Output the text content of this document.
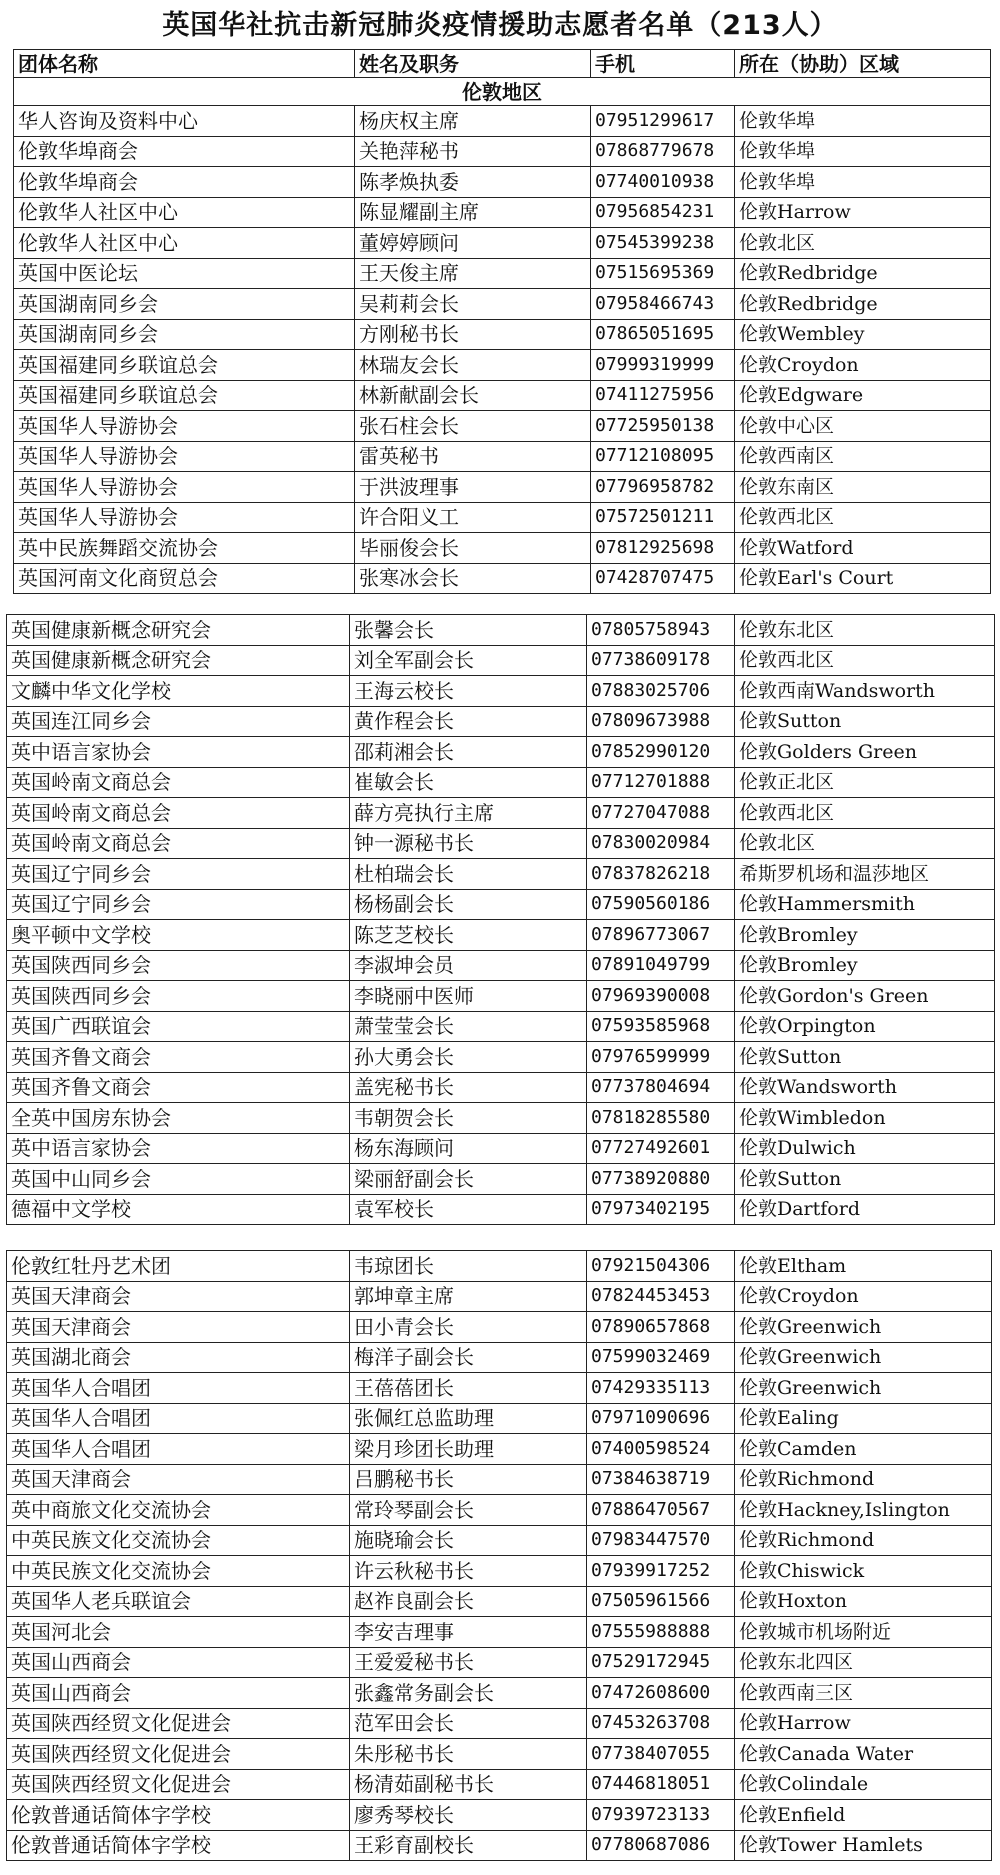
英国华社抗击新冠肺炎疫情援助志愿者名单（213人）
团体名称	姓名及职务	手机	所在（协助）区域
伦敦地区			
华人咨询及资料中心	杨庆权主席	07951299617	伦敦华埠
伦敦华埠商会	关艳萍秘书	07868779678	伦敦华埠
伦敦华埠商会	陈孝焕执委	07740010938	伦敦华埠
伦敦华人社区中心	陈显耀副主席	07956854231	伦敦Harrow
伦敦华人社区中心	董婷婷顾问	07545399238	伦敦北区
英国中医论坛	王天俊主席	07515695369	伦敦Redbridge
英国湖南同乡会	吴莉莉会长	07958466743	伦敦Redbridge
英国湖南同乡会	方刚秘书长	07865051695	伦敦Wembley
英国福建同乡联谊总会	林瑞友会长	07999319999	伦敦Croydon
英国福建同乡联谊总会	林新献副会长	07411275956	伦敦Edgware
英国华人导游协会	张石柱会长	07725950138	伦敦中心区
英国华人导游协会	雷英秘书	07712108095	伦敦西南区
英国华人导游协会	于洪波理事	07796958782	伦敦东南区
英国华人导游协会	许合阳义工	07572501211	伦敦西北区
英中民族舞蹈交流协会	毕丽俊会长	07812925698	伦敦Watford
英国河南文化商贸总会	张寒冰会长	07428707475	伦敦Earl's Court
英国健康新概念研究会	张馨会长	07805758943	伦敦东北区
英国健康新概念研究会	刘全军副会长	07738609178	伦敦西北区
文麟中华文化学校	王海云校长	07883025706	伦敦西南Wandsworth
英国连江同乡会	黄作程会长	07809673988	伦敦Sutton
英中语言家协会	邵莉湘会长	07852990120	伦敦Golders Green
英国岭南文商总会	崔敏会长	07712701888	伦敦正北区
英国岭南文商总会	薛方亮执行主席	07727047088	伦敦西北区
英国岭南文商总会	钟一源秘书长	07830020984	伦敦北区
英国辽宁同乡会	杜柏瑞会长	07837826218	希斯罗机场和温莎地区
英国辽宁同乡会	杨杨副会长	07590560186	伦敦Hammersmith
奥平顿中文学校	陈芝芝校长	07896773067	伦敦Bromley
英国陕西同乡会	李淑坤会员	07891049799	伦敦Bromley
英国陕西同乡会	李晓丽中医师	07969390008	伦敦Gordon's Green
英国广西联谊会	萧莹莹会长	07593585968	伦敦Orpington
英国齐鲁文商会	孙大勇会长	07976599999	伦敦Sutton
英国齐鲁文商会	盖宪秘书长	07737804694	伦敦Wandsworth
全英中国房东协会	韦朝贺会长	07818285580	伦敦Wimbledon
英中语言家协会	杨东海顾问	07727492601	伦敦Dulwich
英国中山同乡会	梁丽舒副会长	07738920880	伦敦Sutton
德福中文学校	袁军校长	07973402195	伦敦Dartford
伦敦红牡丹艺术团	韦琼团长	07921504306	伦敦Eltham
英国天津商会	郭坤章主席	07824453453	伦敦Croydon
英国天津商会	田小青会长	07890657868	伦敦Greenwich
英国湖北商会	梅洋子副会长	07599032469	伦敦Greenwich
英国华人合唱团	王蓓蓓团长	07429335113	伦敦Greenwich
英国华人合唱团	张佩红总监助理	07971090696	伦敦Ealing
英国华人合唱团	梁月珍团长助理	07400598524	伦敦Camden
英国天津商会	吕鹏秘书长	07384638719	伦敦Richmond
英中商旅文化交流协会	常玲琴副会长	07886470567	伦敦Hackney,Islington
中英民族文化交流协会	施晓瑜会长	07983447570	伦敦Richmond
中英民族文化交流协会	许云秋秘书长	07939917252	伦敦Chiswick
英国华人老兵联谊会	赵祚良副会长	07505961566	伦敦Hoxton
英国河北会	李安吉理事	07555988888	伦敦城市机场附近
英国山西商会	王爱爱秘书长	07529172945	伦敦东北四区
英国山西商会	张鑫常务副会长	07472608600	伦敦西南三区
英国陕西经贸文化促进会	范军田会长	07453263708	伦敦Harrow
英国陕西经贸文化促进会	朱彤秘书长	07738407055	伦敦Canada Water
英国陕西经贸文化促进会	杨清茹副秘书长	07446818051	伦敦Colindale
伦敦普通话简体字学校	廖秀琴校长	07939723133	伦敦Enfield
伦敦普通话简体字学校	王彩育副校长	07780687086	伦敦Tower Hamlets
